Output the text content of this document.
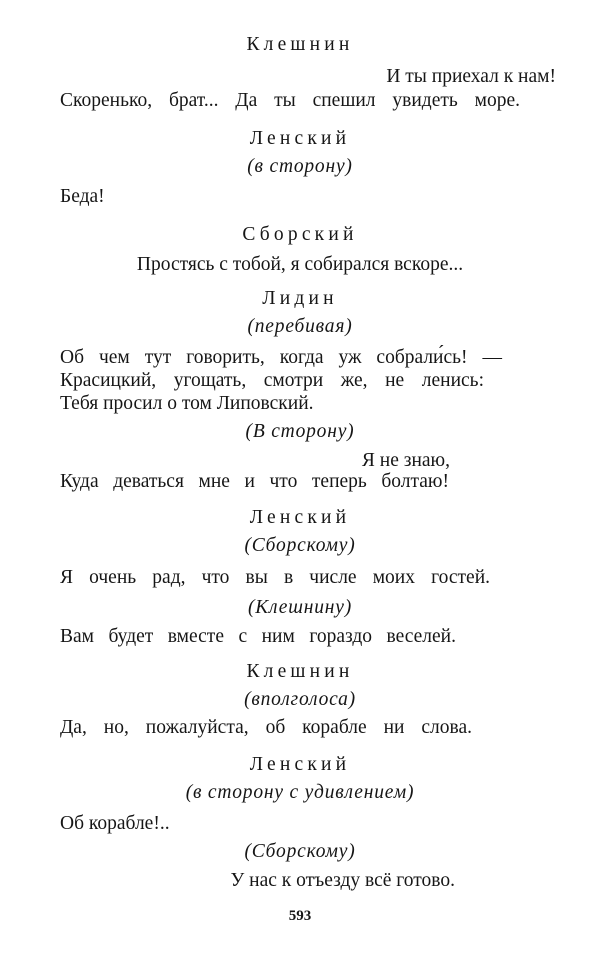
Клешнин
И ты приехал к нам!
Скоренько, брат... Да ты спешил увидеть море.
Ленский
(в сторону)
Беда!
Сборский
Простясь с тобой, я собирался вскоре...
Лидин
(перебивая)
Об чем тут говорить, когда уж собрали́сь! —
Красицкий, угощать, смотри же, не ленись:
Тебя просил о том Липовский.
(В сторону)
Я не знаю,
Куда деваться мне и что теперь болтаю!
Ленский
(Сборскому)
Я очень рад, что вы в числе моих гостей.
(Клешнину)
Вам будет вместе с ним гораздо веселей.
Клешнин
(вполголоса)
Да, но, пожалуйста, об корабле ни слова.
Ленский
(в сторону с удивлением)
Об корабле!..
(Сборскому)
У нас к отъезду всё готово.
593
